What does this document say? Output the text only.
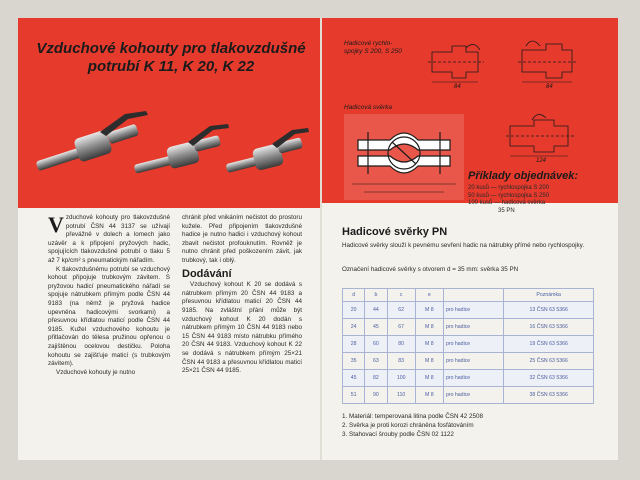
Vzduchové kohouty pro tlakovzdušné potrubí K 11, K 20, K 22
V zduchové kohouty pro tlakovzdušné potrubí ČSN 44 3137 se užívají převážně v dolech a lomech jako uzávěr a k připojení pryžových hadic, spojujících tlakovzdušné potrubí o tlaku 5 až 7 kp/cm² s pneumatickým nářadím.

K tlakovzdušnému potrubí se vzduchový kohout připojuje trubkovým závitem. S pryžovou hadicí pneumatického nářadí se spojuje nátrubkem přímým podle ČSN 44 9183 (na němž je pryžová hadice upevněna hadicovými svorkami) a přesuvnou křídlatou maticí podle ČSN 44 9185. Kužel vzduchového kohoutu je přitlačován do tělesa pružinou opřenou o zajištěnou ocelovou destičku. Poloha kohoutu se zajišťuje maticí (s trubkovým závitem).

Vzduchové kohouty je nutno

chránit před vnikáním nečistot do prostoru kužele. Před připojením tlakovzdušné hadice je nutno hadici i vzduchový kohout zbavit nečistot profouknutím. Rovněž je nutno chránit před poškozením závit, jak trubkový, tak i oblý.

Dodávání

Vzduchový kohout K 20 se dodává s nátrubkem přímým 20 ČSN 44 9183 a přesuvnou křídlatou maticí 20 ČSN 44 9185. Na zvláštní přání může být vzduchový kohout K 20 dodán s nátrubkem přímým 10 ČSN 44 9183 nebo 15 ČSN 44 9183 místo nátrubku přímého 20 ČSN 44 9183. Vzduchový kohout K 22 se dodává s nátrubkem přímým 25×21 ČSN 44 9183 a přesuvnou křídlatou maticí 25×21 ČSN 44 9185.

Hadicové rychlo-
spojky S 200, S 250
Hadicová svěrka
84	84
124
Příklady objednávek:
20 kusů — rychlospojka S 200
50 kusů — rychlospojka S 250
100 kusů — hadicová svěrka
35 PN
Hadicové svěrky PN

Hadicové svěrky slouží k pevnému sevření hadic na nátrubky přímé nebo rychlospojky.

Označení hadicové svěrky s otvorem d = 35 mm: svěrka 35 PN

d	b	c	e		Poznámka
20	44	62	M 8	pro hadice	13 ČSN 63 5366
24	45	67	M 8	pro hadice	16 ČSN 63 5366
28	60	80	M 8	pro hadice	19 ČSN 63 5366
35	63	83	M 8	pro hadice	25 ČSN 63 5366
45	82	100	M 8	pro hadice	32 ČSN 63 5366
51	90	110	M 8	pro hadice	38 ČSN 63 5366
1. Materiál: temperovaná litina podle ČSN 42 2508
2. Svěrka je proti korozi chráněna fosfátováním
3. Stahovací šrouby podle ČSN 02 1122
